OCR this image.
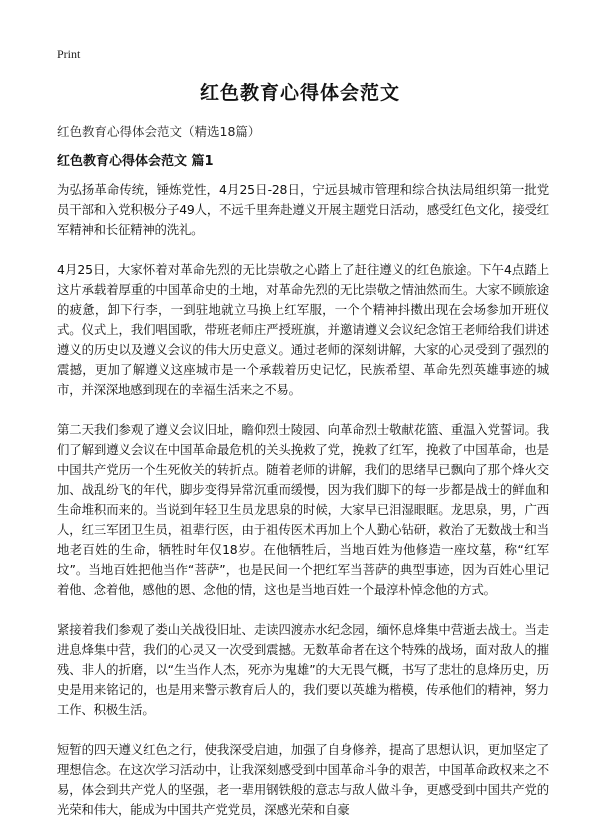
Print
红色教育心得体会范文
红色教育心得体会范文（精选18篇）
红色教育心得体会范文 篇1

为弘扬革命传统，锤炼党性，4月25日-28日，宁远县城市管理和综合执法局组织第一批党员干部和入党积极分子49人，不远千里奔赴遵义开展主题党日活动，感受红色文化，接受红军精神和长征精神的洗礼。

4月25日，大家怀着对革命先烈的无比崇敬之心踏上了赶往遵义的红色旅途。下午4点踏上这片承载着厚重的中国革命史的土地，对革命先烈的无比崇敬之情油然而生。大家不顾旅途的疲惫，卸下行李，一到驻地就立马换上红军服，一个个精神抖擞出现在会场参加开班仪式。仪式上，我们唱国歌，带班老师庄严授班旗，并邀请遵义会议纪念馆王老师给我们讲述遵义的历史以及遵义会议的伟大历史意义。通过老师的深刻讲解，大家的心灵受到了强烈的震撼，更加了解遵义这座城市是一个承载着历史记忆，民族希望、革命先烈英雄事迹的城市，并深深地感到现在的幸福生活来之不易。

第二天我们参观了遵义会议旧址，瞻仰烈士陵园、向革命烈士敬献花篮、重温入党誓词。我们了解到遵义会议在中国革命最危机的关头挽救了党，挽救了红军，挽救了中国革命，也是中国共产党历一个生死攸关的转折点。随着老师的讲解，我们的思绪早已飘向了那个烽火交加、战乱纷飞的年代，脚步变得异常沉重而缓慢，因为我们脚下的每一步都是战士的鲜血和生命堆积而来的。当说到年轻卫生员龙思泉的时候，大家早已泪湿眼眶。龙思泉，男，广西人，红三军团卫生员，祖辈行医，由于祖传医术再加上个人勤心钻研，救治了无数战士和当地老百姓的生命，牺牲时年仅18岁。在他牺牲后，当地百姓为他修造一座坟墓，称“红军坟”。当地百姓把他当作“菩萨”，也是民间一个把红军当菩萨的典型事迹，因为百姓心里记着他、念着他，感他的恩、念他的情，这也是当地百姓一个最淳朴悼念他的方式。

紧接着我们参观了娄山关战役旧址、走读四渡赤水纪念园，缅怀息烽集中营逝去战士。当走进息烽集中营，我们的心灵又一次受到震撼。无数革命者在这个特殊的战场，面对敌人的摧残、非人的折磨，以“生当作人杰，死亦为鬼雄”的大无畏气概，书写了悲壮的息烽历史，历史是用来铭记的，也是用来警示教育后人的，我们要以英雄为楷模，传承他们的精神，努力工作、积极生活。

短暂的四天遵义红色之行，使我深受启迪，加强了自身修养，提高了思想认识，更加坚定了理想信念。在这次学习活动中，让我深刻感受到中国革命斗争的艰苦，中国革命政权来之不易，体会到共产党人的坚强，老一辈用钢铁般的意志与敌人做斗争，更感受到中国共产党的光荣和伟大，能成为中国共产党党员，深感光荣和自豪
